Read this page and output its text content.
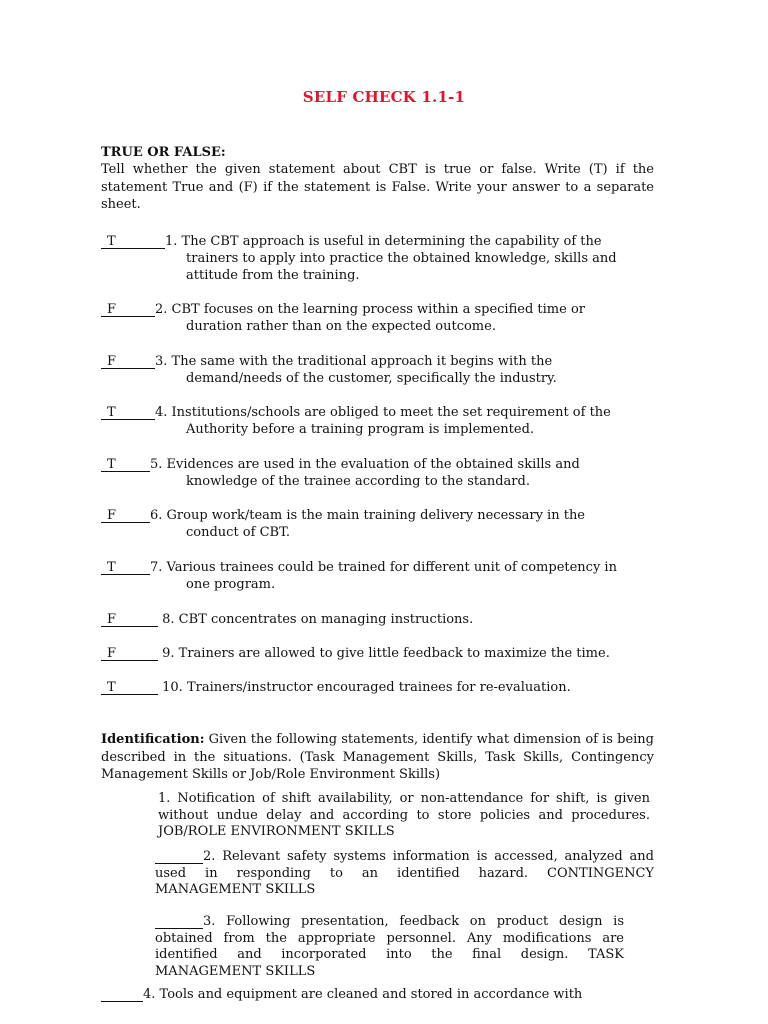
SELF CHECK 1.1-1
TRUE OR FALSE:
Tell whether the given statement about CBT is true or false. Write (T) if the statement True and (F) if the statement is False. Write your answer to a separate sheet.
T	1. The CBT approach is useful in determining the capability of the
trainers to apply into practice the obtained knowledge, skills and
attitude from the training.
F	2. CBT focuses on the learning process within a specified time or
duration rather than on the expected outcome.
F	3. The same with the traditional approach it begins with the
demand/needs of the customer, specifically the industry.
T	4. Institutions/schools are obliged to meet the set requirement of the
Authority before a training program is implemented.
T	5. Evidences are used in the evaluation of the obtained skills and
knowledge of the trainee according to the standard.
F	6. Group work/team is the main training delivery necessary in the
conduct of CBT.
T	7. Various trainees could be trained for different unit of competency in
one program.
F	8. CBT concentrates on managing instructions.
F	9. Trainers are allowed to give little feedback to maximize the time.
T	10. Trainers/instructor encouraged trainees for re-evaluation.
Identification: Given the following statements, identify what dimension of is being described in the situations. (Task Management Skills, Task Skills, Contingency Management Skills or Job/Role Environment Skills)
1. Notification of shift availability, or non-attendance for shift, is given without undue delay and according to store policies and procedures. JOB/ROLE ENVIRONMENT SKILLS
2. Relevant safety systems information is accessed, analyzed and used in responding to an identified hazard. CONTINGENCY MANAGEMENT SKILLS
3. Following presentation, feedback on product design is obtained from the appropriate personnel. Any modifications are identified and incorporated into the final design. TASK MANAGEMENT SKILLS
4. Tools and equipment are cleaned and stored in accordance with
